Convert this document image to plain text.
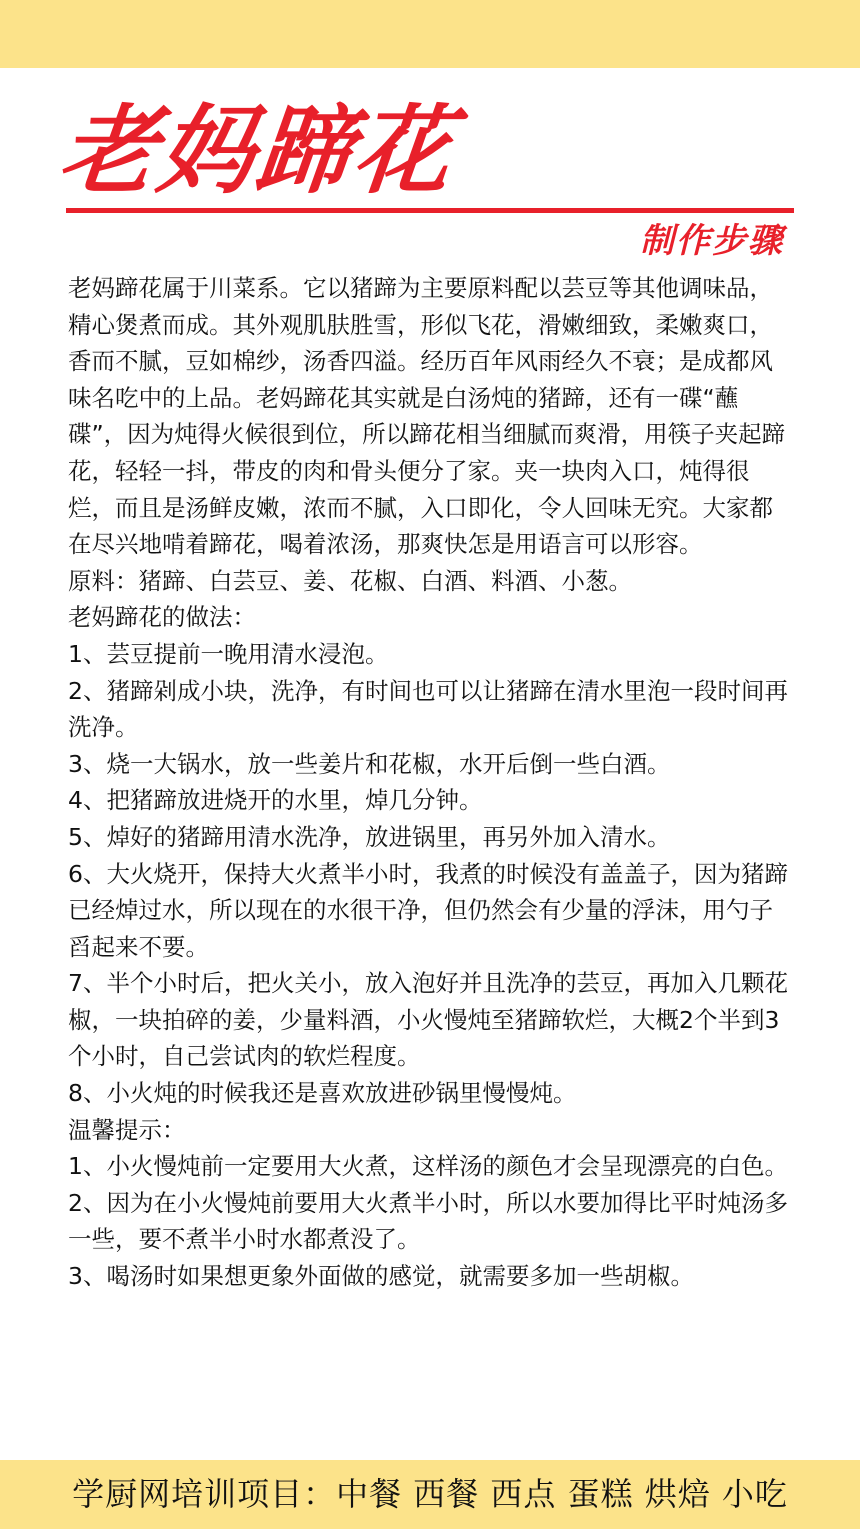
老妈蹄花
制作步骤

老妈蹄花属于川菜系。它以猪蹄为主要原料配以芸豆等其他调味品，精心煲煮而成。其外观肌肤胜雪，形似飞花，滑嫩细致，柔嫩爽口，香而不腻，豆如棉纱，汤香四溢。经历百年风雨经久不衰；是成都风味名吃中的上品。老妈蹄花其实就是白汤炖的猪蹄，还有一碟“蘸碟”，因为炖得火候很到位，所以蹄花相当细腻而爽滑，用筷子夹起蹄花，轻轻一抖，带皮的肉和骨头便分了家。夹一块肉入口，炖得很烂，而且是汤鲜皮嫩，浓而不腻，入口即化，令人回味无究。大家都在尽兴地啃着蹄花，喝着浓汤，那爽快怎是用语言可以形容。

原料：猪蹄、白芸豆、姜、花椒、白酒、料酒、小葱。

老妈蹄花的做法：

1、芸豆提前一晚用清水浸泡。

2、猪蹄剁成小块，洗净，有时间也可以让猪蹄在清水里泡一段时间再洗净。

3、烧一大锅水，放一些姜片和花椒，水开后倒一些白酒。

4、把猪蹄放进烧开的水里，焯几分钟。

5、焯好的猪蹄用清水洗净，放进锅里，再另外加入清水。

6、大火烧开，保持大火煮半小时，我煮的时候没有盖盖子，因为猪蹄已经焯过水，所以现在的水很干净，但仍然会有少量的浮沫，用勺子舀起来不要。

7、半个小时后，把火关小，放入泡好并且洗净的芸豆，再加入几颗花椒，一块拍碎的姜，少量料酒，小火慢炖至猪蹄软烂，大概2个半到3个小时，自己尝试肉的软烂程度。

8、小火炖的时候我还是喜欢放进砂锅里慢慢炖。

温馨提示：

1、小火慢炖前一定要用大火煮，这样汤的颜色才会呈现漂亮的白色。

2、因为在小火慢炖前要用大火煮半小时，所以水要加得比平时炖汤多一些，要不煮半小时水都煮没了。

3、喝汤时如果想更象外面做的感觉，就需要多加一些胡椒。

学厨网培训项目：中餐 西餐 西点 蛋糕 烘焙 小吃
